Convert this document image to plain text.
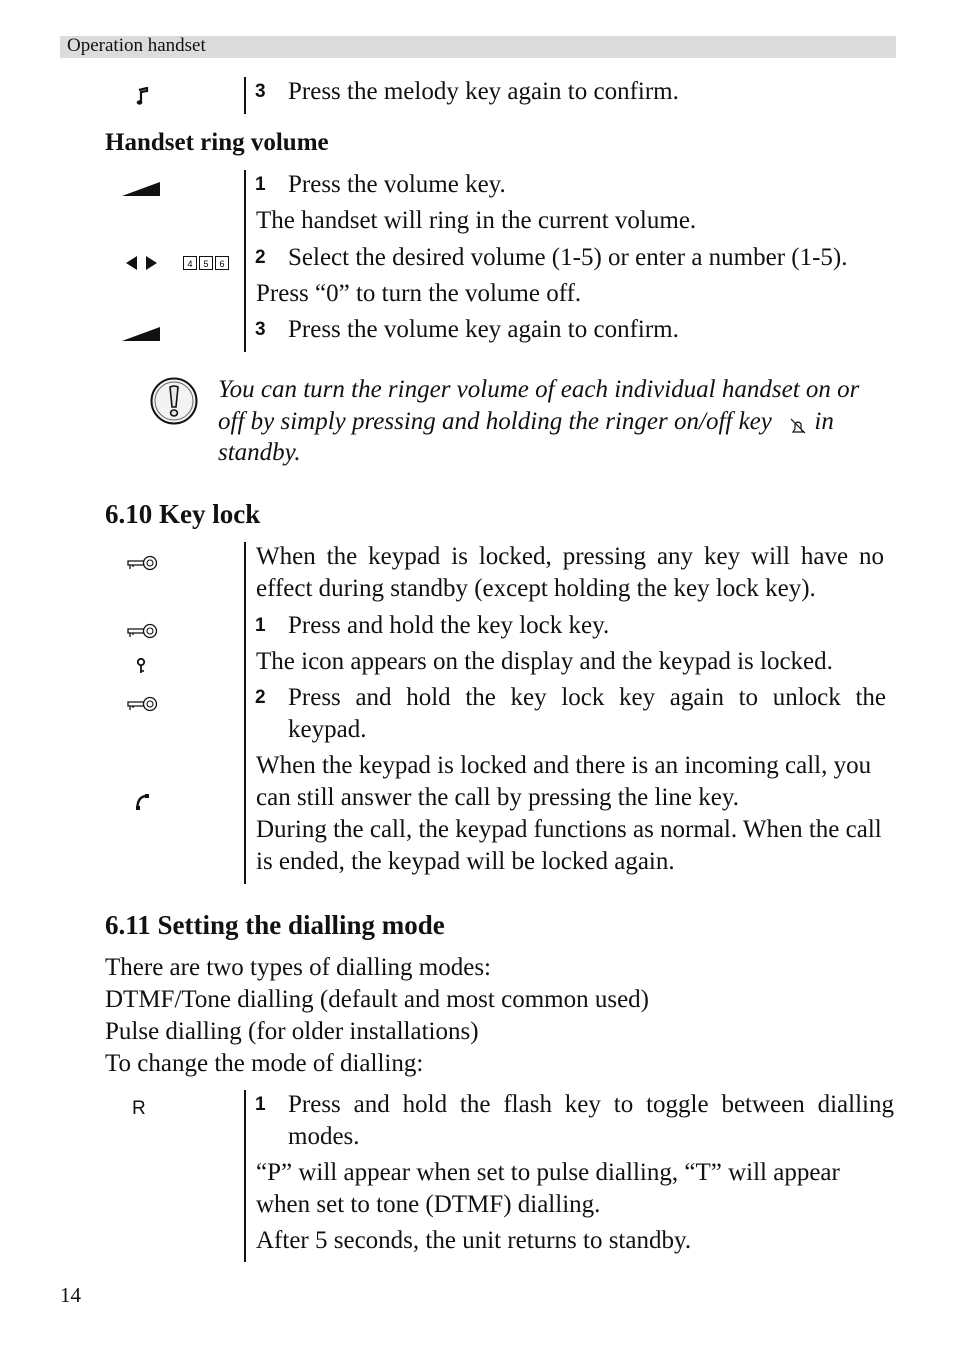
Operation handset
3 Press the melody key again to confirm.
Handset ring volume
1 Press the volume key.
The handset will ring in the current volume.
4 5 6 2 Select the desired volume (1-5) or enter a number (1-5).
Press “0” to turn the volume off.
3 Press the volume key again to confirm.
You can turn the ringer volume of each individual handset on or off by simply pressing and holding the ringer on/off key in standby.
6.10 Key lock
When the keypad is locked, pressing any key will have no effect during standby (except holding the key lock key).
1 Press and hold the key lock key.
The icon appears on the display and the keypad is locked.
2 Press and hold the key lock key again to unlock the keypad.
When the keypad is locked and there is an incoming call, you can still answer the call by pressing the line key.
During the call, the keypad functions as normal. When the call is ended, the keypad will be locked again.
6.11 Setting the dialling mode
There are two types of dialling modes:
DTMF/Tone dialling (default and most common used)
Pulse dialling (for older installations)
To change the mode of dialling:
R	1 Press and hold the flash key to toggle between dialling modes.
“P” will appear when set to pulse dialling, “T” will appear when set to tone (DTMF) dialling.
After 5 seconds, the unit returns to standby.
14
